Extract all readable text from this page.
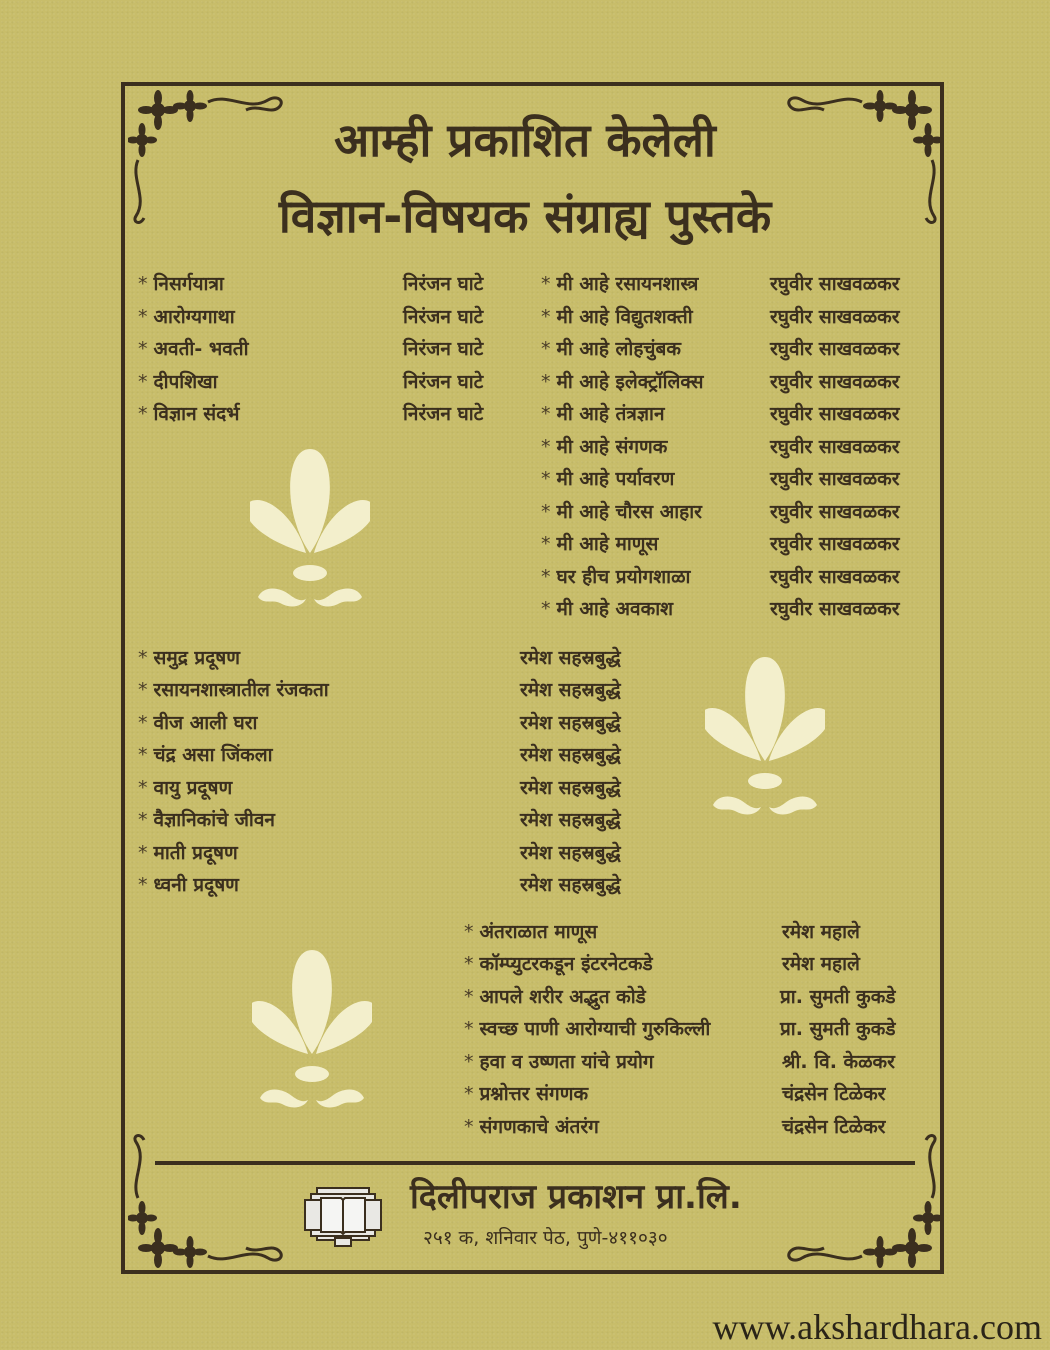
आम्ही प्रकाशित केलेली
विज्ञान-विषयक संग्राह्य पुस्तके
* निसर्गयात्रा	निरंजन घाटे
* आरोग्यगाथा	निरंजन घाटे
* अवती- भवती	निरंजन घाटे
* दीपशिखा	निरंजन घाटे
* विज्ञान संदर्भ	निरंजन घाटे
* मी आहे रसायनशास्त्र	रघुवीर साखवळकर
* मी आहे विद्युतशक्ती	रघुवीर साखवळकर
* मी आहे लोहचुंबक	रघुवीर साखवळकर
* मी आहे इलेक्ट्रॉलिक्स	रघुवीर साखवळकर
* मी आहे तंत्रज्ञान	रघुवीर साखवळकर
* मी आहे संगणक	रघुवीर साखवळकर
* मी आहे पर्यावरण	रघुवीर साखवळकर
* मी आहे चौरस आहार	रघुवीर साखवळकर
* मी आहे माणूस	रघुवीर साखवळकर
* घर हीच प्रयोगशाळा	रघुवीर साखवळकर
* मी आहे अवकाश	रघुवीर साखवळकर
* समुद्र प्रदूषण	रमेश सहस्रबुद्धे
* रसायनशास्त्रातील रंजकता	रमेश सहस्रबुद्धे
* वीज आली घरा	रमेश सहस्रबुद्धे
* चंद्र असा जिंकला	रमेश सहस्रबुद्धे
* वायु प्रदूषण	रमेश सहस्रबुद्धे
* वैज्ञानिकांचे जीवन	रमेश सहस्रबुद्धे
* माती प्रदूषण	रमेश सहस्रबुद्धे
* ध्वनी प्रदूषण	रमेश सहस्रबुद्धे
* अंतराळात माणूस	रमेश महाले
* कॉम्प्युटरकडून इंटरनेटकडे	रमेश महाले
* आपले शरीर अद्भुत कोडे	प्रा. सुमती कुकडे
* स्वच्छ पाणी आरोग्याची गुरुकिल्ली	प्रा. सुमती कुकडे
* हवा व उष्णता यांचे प्रयोग	श्री. वि. केळकर
* प्रश्नोत्तर संगणक	चंद्रसेन टिळेकर
* संगणकाचे अंतरंग	चंद्रसेन टिळेकर
दिलीपराज प्रकाशन प्रा.लि.
२५१ क, शनिवार पेठ, पुणे-४११०३०
www.akshardhara.com
